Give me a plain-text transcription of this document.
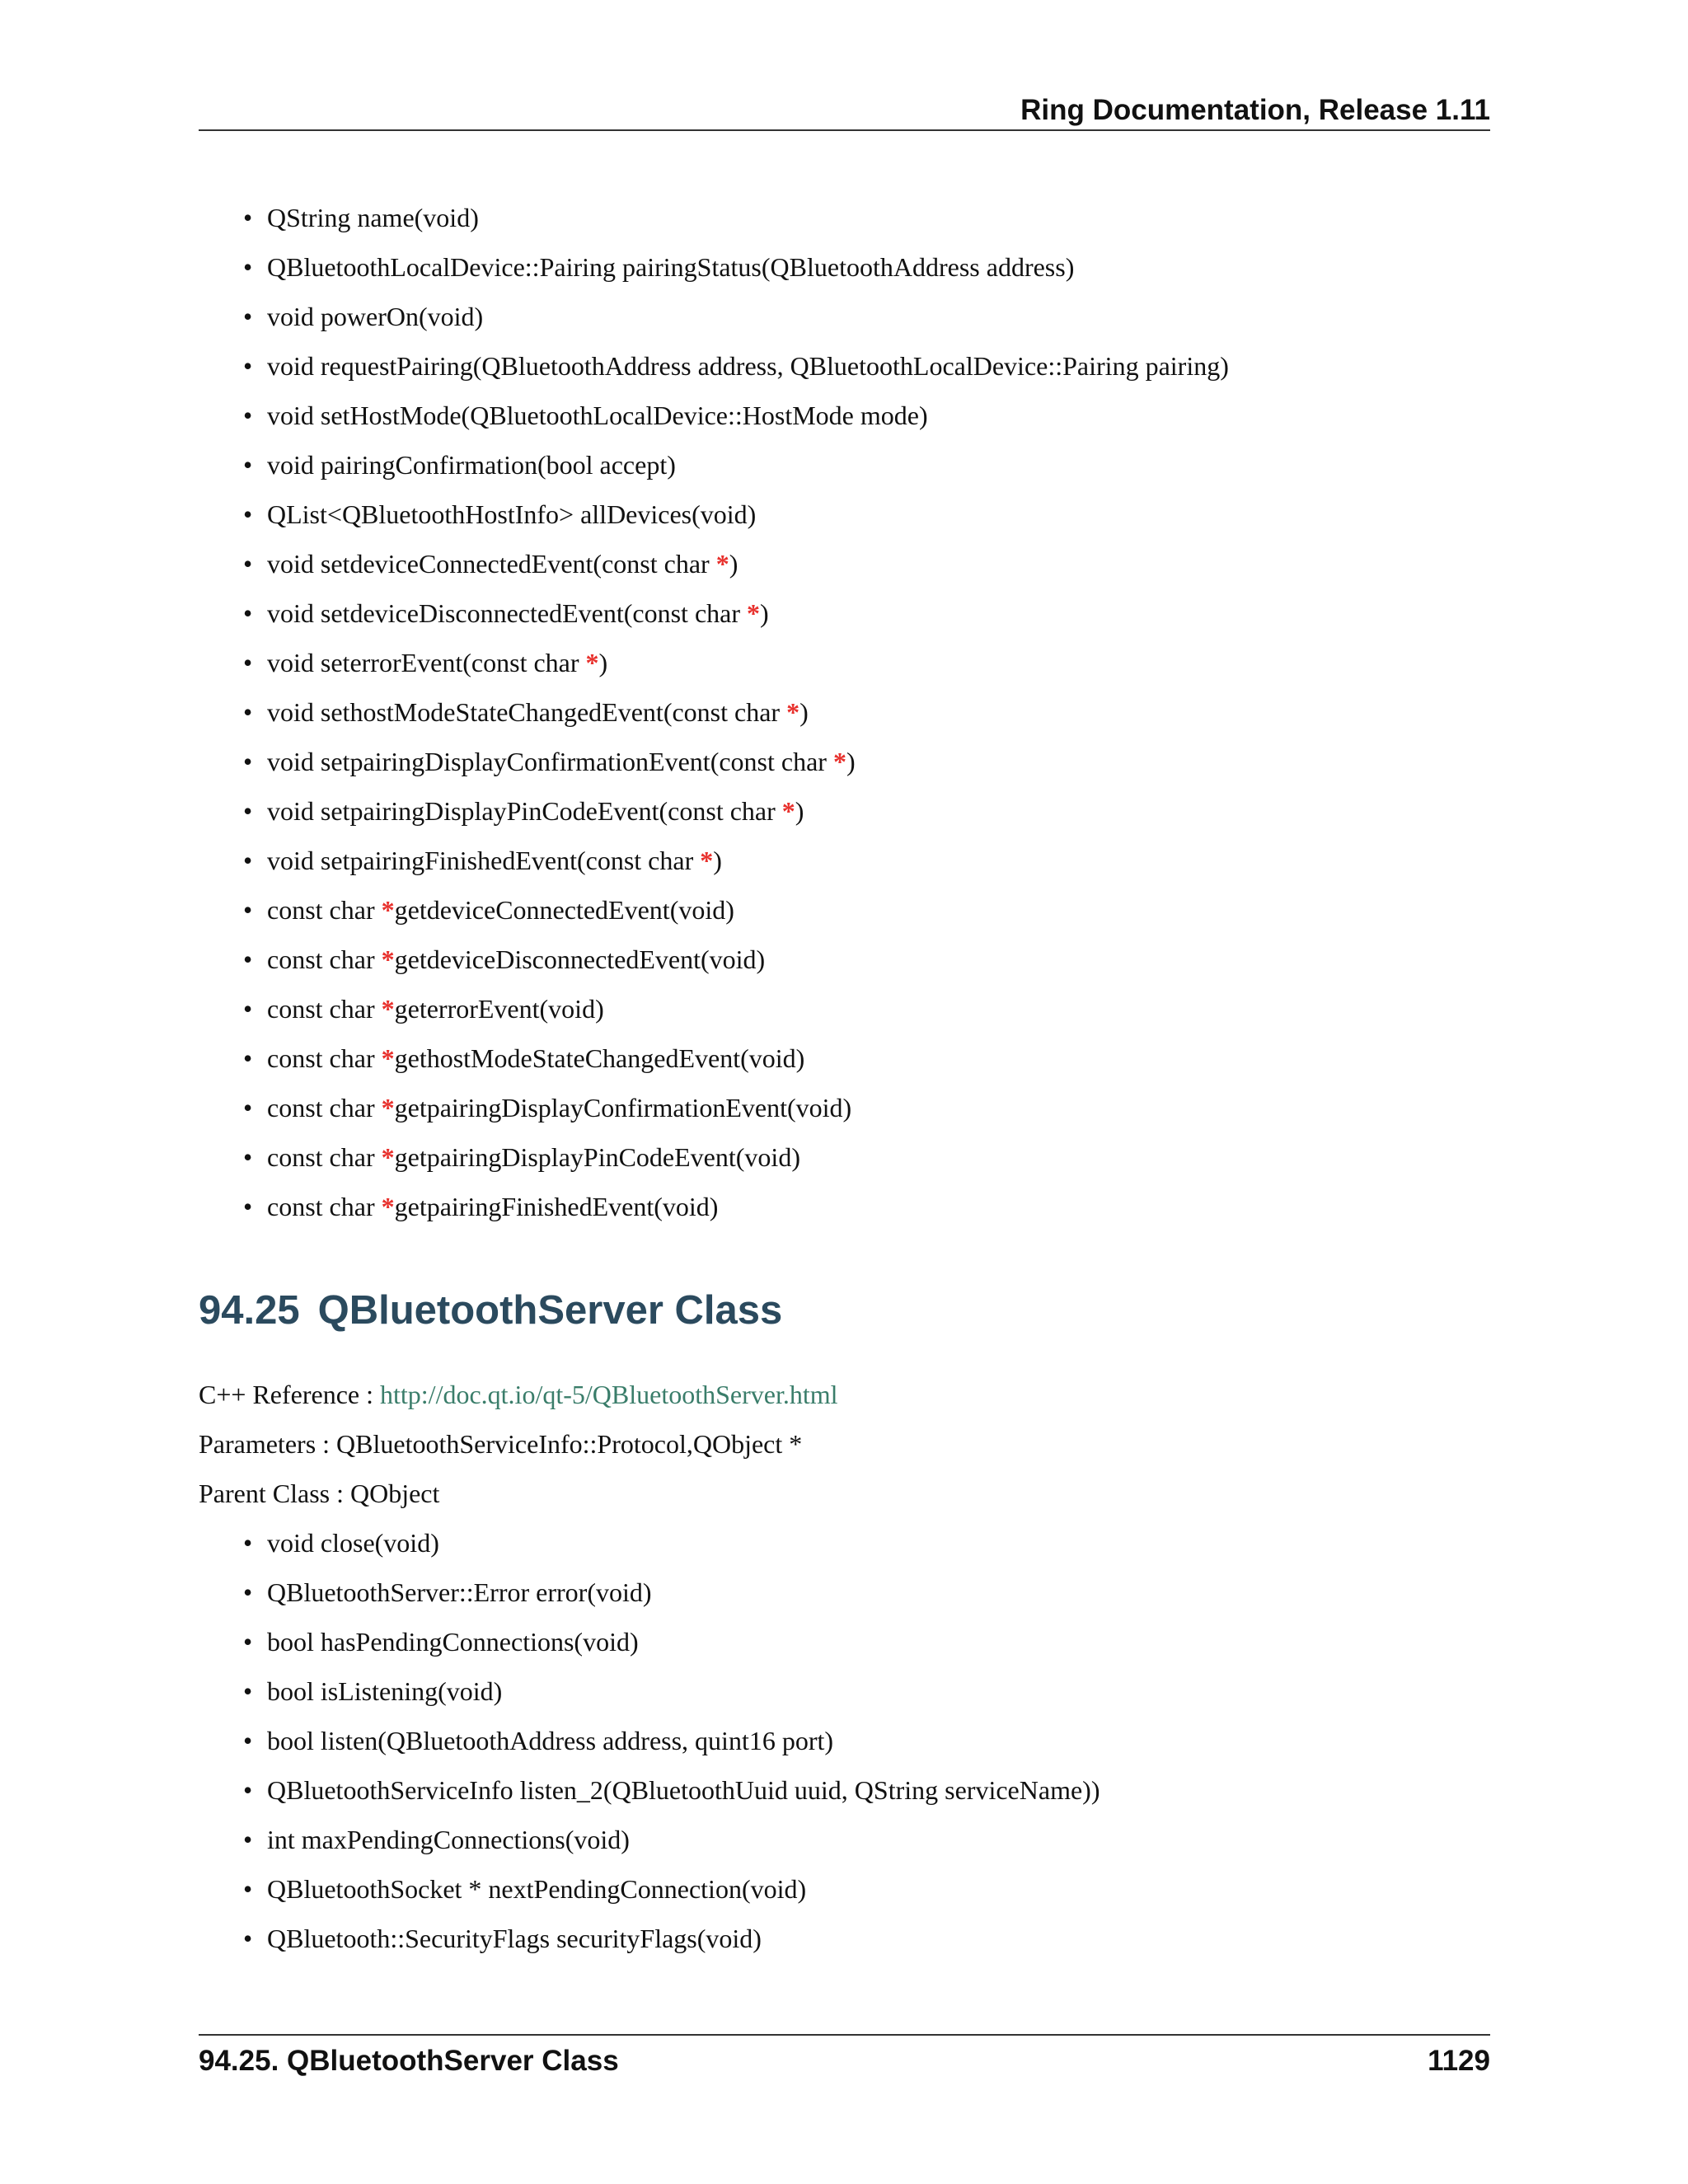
Ring Documentation, Release 1.11
• QString name(void)
• QBluetoothLocalDevice::Pairing pairingStatus(QBluetoothAddress address)
• void powerOn(void)
• void requestPairing(QBluetoothAddress address, QBluetoothLocalDevice::Pairing pairing)
• void setHostMode(QBluetoothLocalDevice::HostMode mode)
• void pairingConfirmation(bool accept)
• QList<QBluetoothHostInfo> allDevices(void)
• void setdeviceConnectedEvent(const char *)
• void setdeviceDisconnectedEvent(const char *)
• void seterrorEvent(const char *)
• void sethostModeStateChangedEvent(const char *)
• void setpairingDisplayConfirmationEvent(const char *)
• void setpairingDisplayPinCodeEvent(const char *)
• void setpairingFinishedEvent(const char *)
• const char *getdeviceConnectedEvent(void)
• const char *getdeviceDisconnectedEvent(void)
• const char *geterrorEvent(void)
• const char *gethostModeStateChangedEvent(void)
• const char *getpairingDisplayConfirmationEvent(void)
• const char *getpairingDisplayPinCodeEvent(void)
• const char *getpairingFinishedEvent(void)
94.25 QBluetoothServer Class
C++ Reference : http://doc.qt.io/qt-5/QBluetoothServer.html
Parameters : QBluetoothServiceInfo::Protocol,QObject *
Parent Class : QObject
• void close(void)
• QBluetoothServer::Error error(void)
• bool hasPendingConnections(void)
• bool isListening(void)
• bool listen(QBluetoothAddress address, quint16 port)
• QBluetoothServiceInfo listen_2(QBluetoothUuid uuid, QString serviceName))
• int maxPendingConnections(void)
• QBluetoothSocket * nextPendingConnection(void)
• QBluetooth::SecurityFlags securityFlags(void)
94.25. QBluetoothServer Class	1129
